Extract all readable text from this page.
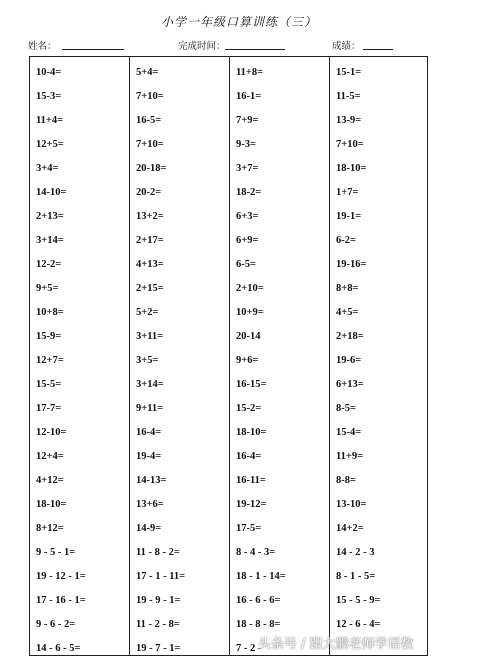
小学一年级口算训练（三）
姓名：	完成时间：	成绩：
10-4=	5+4=	11+8=	15-1=
15-3=	7+10=	16-1=	11-5=
11+4=	16-5=	7+9=	13-9=
12+5=	7+10=	9-3=	7+10=
3+4=	20-18=	3+7=	18-10=
14-10=	20-2=	18-2=	1+7=
2+13=	13+2=	6+3=	19-1=
3+14=	2+17=	6+9=	6-2=
12-2=	4+13=	6-5=	19-16=
9+5=	2+15=	2+10=	8+8=
10+8=	5+2=	10+9=	4+5=
15-9=	3+11=	20-14	2+18=
12+7=	3+5=	9+6=	19-6=
15-5=	3+14=	16-15=	6+13=
17-7=	9+11=	15-2=	8-5=
12-10=	16-4=	18-10=	15-4=
12+4=	19-4=	16-4=	11+9=
4+12=	14-13=	16-11=	8-8=
18-10=	13+6=	19-12=	13-10=
8+12=	14-9=	17-5=	14+2=
9 - 5 - 1=	11 - 8 - 2=	8 - 4 - 3=	14 - 2 - 3
19 - 12 - 1=	17 - 1 - 11=	18 - 1 - 14=	8 - 1 - 5=
17 - 16 - 1=	19 - 9 - 1=	16 - 6 - 6=	15 - 5 - 9=
9 - 6 - 2=	11 - 2 - 8=	18 - 8 - 8=	12 - 6 - 4=
14 - 6 - 5=	19 - 7 - 1=	7 - 2 -
头条号 / 跟大鹏老师学语数
